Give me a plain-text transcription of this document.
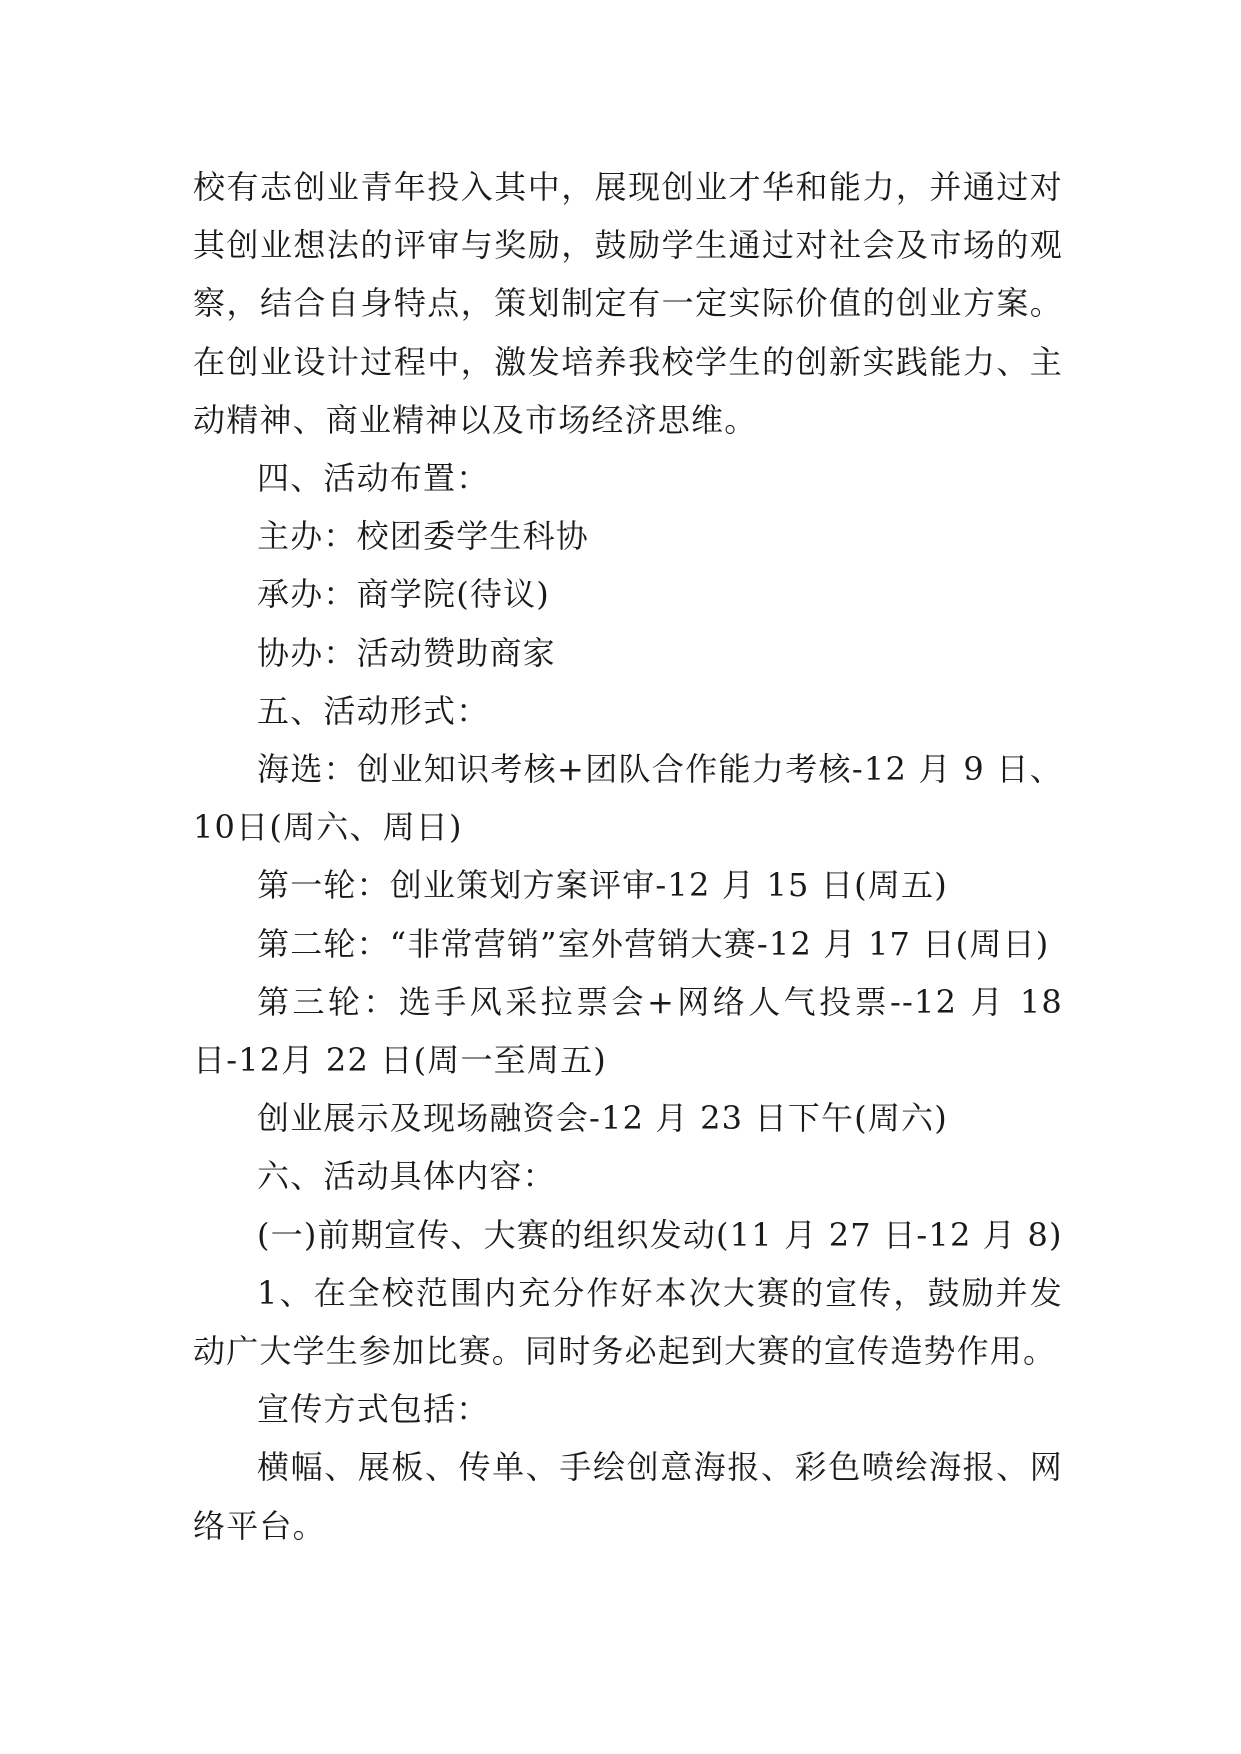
校有志创业青年投入其中，展现创业才华和能力，并通过对其创业想法的评审与奖励，鼓励学生通过对社会及市场的观察，结合自身特点，策划制定有一定实际价值的创业方案。在创业设计过程中，激发培养我校学生的创新实践能力、主动精神、商业精神以及市场经济思维。

四、活动布置：

主办：校团委学生科协

承办：商学院(待议)

协办：活动赞助商家

五、活动形式：

海选：创业知识考核+团队合作能力考核-12 月 9 日、10日(周六、周日)

第一轮：创业策划方案评审-12 月 15 日(周五)

第二轮：“非常营销”室外营销大赛-12 月 17 日(周日)

第三轮：选手风采拉票会+网络人气投票--12 月 18 日-12月 22 日(周一至周五)

创业展示及现场融资会-12 月 23 日下午(周六)

六、活动具体内容：

(一)前期宣传、大赛的组织发动(11 月 27 日-12 月 8)

1、在全校范围内充分作好本次大赛的宣传，鼓励并发动广大学生参加比赛。同时务必起到大赛的宣传造势作用。

宣传方式包括：

横幅、展板、传单、手绘创意海报、彩色喷绘海报、网络平台。
